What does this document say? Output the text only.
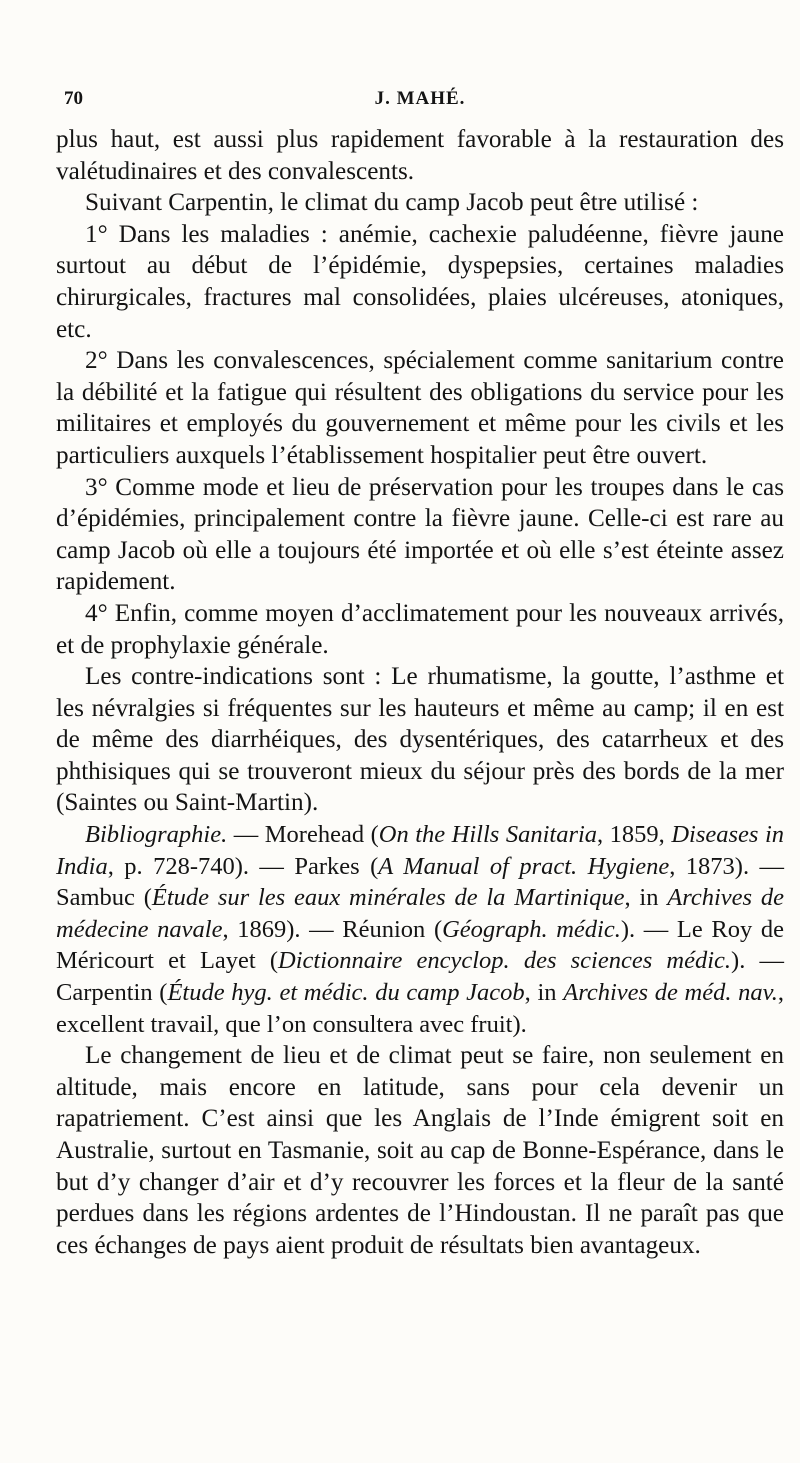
70	J. MAHÉ.

plus haut, est aussi plus rapidement favorable à la restauration des valétudinaires et des convalescents.

Suivant Carpentin, le climat du camp Jacob peut être utilisé :

1° Dans les maladies : anémie, cachexie paludéenne, fièvre jaune surtout au début de l’épidémie, dyspepsies, certaines maladies chirurgicales, fractures mal consolidées, plaies ulcéreuses, atoniques, etc.

2° Dans les convalescences, spécialement comme sanitarium contre la débilité et la fatigue qui résultent des obligations du service pour les militaires et employés du gouvernement et même pour les civils et les particuliers auxquels l’établissement hospitalier peut être ouvert.

3° Comme mode et lieu de préservation pour les troupes dans le cas d’épidémies, principalement contre la fièvre jaune. Celle-ci est rare au camp Jacob où elle a toujours été importée et où elle s’est éteinte assez rapidement.

4° Enfin, comme moyen d’acclimatement pour les nouveaux arrivés, et de prophylaxie générale.

Les contre-indications sont : Le rhumatisme, la goutte, l’asthme et les névralgies si fréquentes sur les hauteurs et même au camp; il en est de même des diarrhéiques, des dysentériques, des catarrheux et des phthisiques qui se trouveront mieux du séjour près des bords de la mer (Saintes ou Saint-Martin).

Bibliographie. — Morehead (On the Hills Sanitaria, 1859, Diseases in India, p. 728-740). — Parkes (A Manual of pract. Hygiene, 1873). — Sambuc (Étude sur les eaux minérales de la Martinique, in Archives de médecine navale, 1869). — Réunion (Géograph. médic.). — Le Roy de Méricourt et Layet (Dictionnaire encyclop. des sciences médic.). — Carpentin (Étude hyg. et médic. du camp Jacob, in Archives de méd. nav., excellent travail, que l’on consultera avec fruit).

Le changement de lieu et de climat peut se faire, non seulement en altitude, mais encore en latitude, sans pour cela devenir un rapatriement. C’est ainsi que les Anglais de l’Inde émigrent soit en Australie, surtout en Tasmanie, soit au cap de Bonne-Espérance, dans le but d’y changer d’air et d’y recouvrer les forces et la fleur de la santé perdues dans les régions ardentes de l’Hindoustan. Il ne paraît pas que ces échanges de pays aient produit de résultats bien avantageux.
